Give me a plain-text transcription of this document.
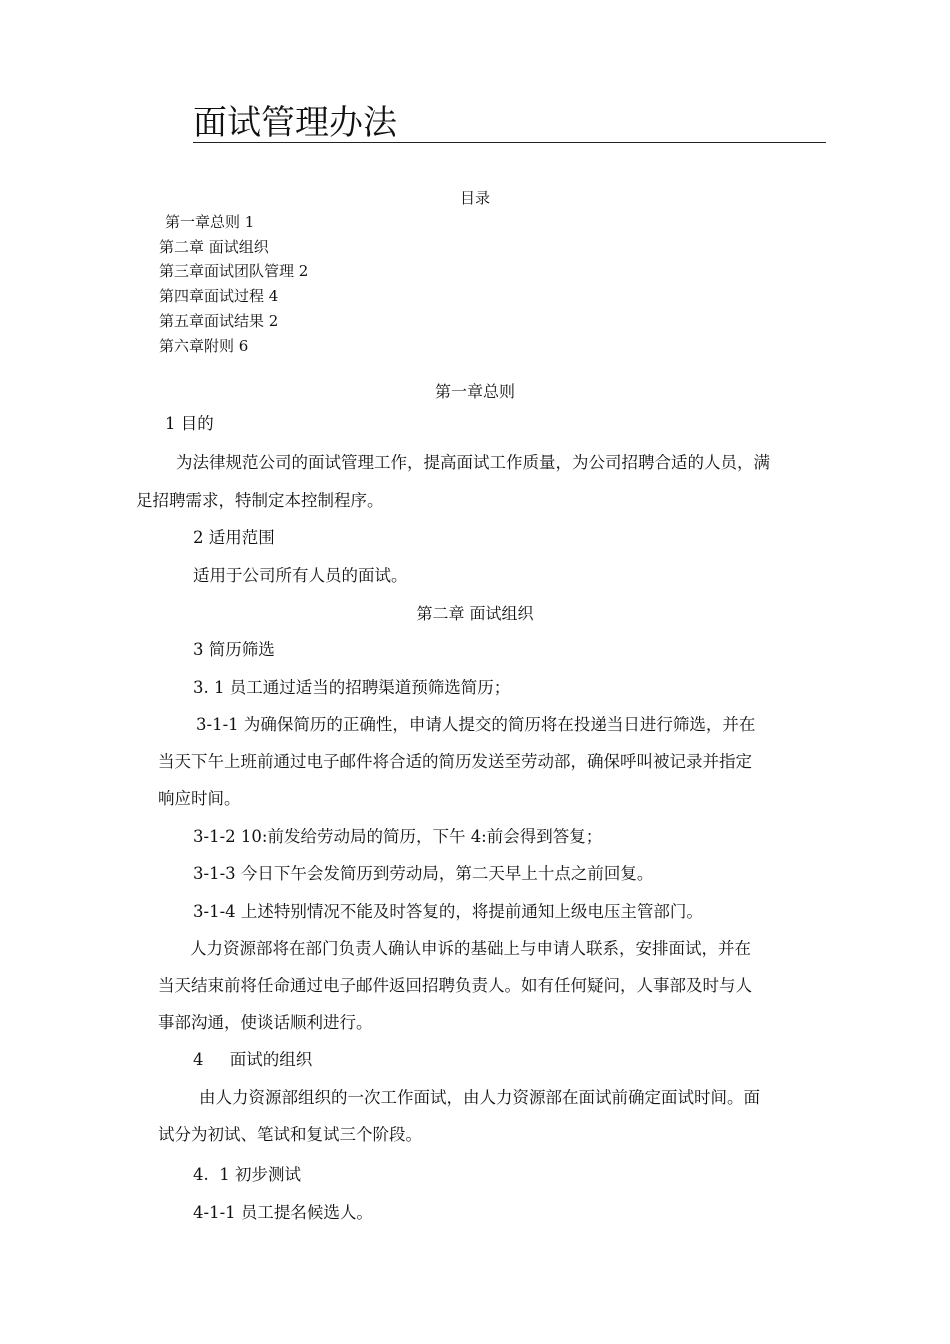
面试管理办法
目录
第一章总则 1
第二章 面试组织
第三章面试团队管理 2
第四章面试过程 4
第五章面试结果 2
第六章附则 6
第一章总则
1 目的
为法律规范公司的面试管理工作，提高面试工作质量，为公司招聘合适的人员，满
足招聘需求，特制定本控制程序。
2 适用范围
适用于公司所有人员的面试。
第二章 面试组织
3 简历筛选
3. 1 员工通过适当的招聘渠道预筛选简历；
3-1-1 为确保简历的正确性，申请人提交的简历将在投递当日进行筛选，并在
当天下午上班前通过电子邮件将合适的简历发送至劳动部，确保呼叫被记录并指定
响应时间。
3-1-2 10:前发给劳动局的简历，下午 4:前会得到答复；
3-1-3 今日下午会发简历到劳动局，第二天早上十点之前回复。
3-1-4 上述特别情况不能及时答复的，将提前通知上级电压主管部门。
人力资源部将在部门负责人确认申诉的基础上与申请人联系，安排面试，并在
当天结束前将任命通过电子邮件返回招聘负责人。如有任何疑问，人事部及时与人
事部沟通，使谈话顺利进行。
4     面试的组织
由人力资源部组织的一次工作面试，由人力资源部在面试前确定面试时间。面
试分为初试、笔试和复试三个阶段。
4.  1 初步测试
4-1-1 员工提名候选人。
